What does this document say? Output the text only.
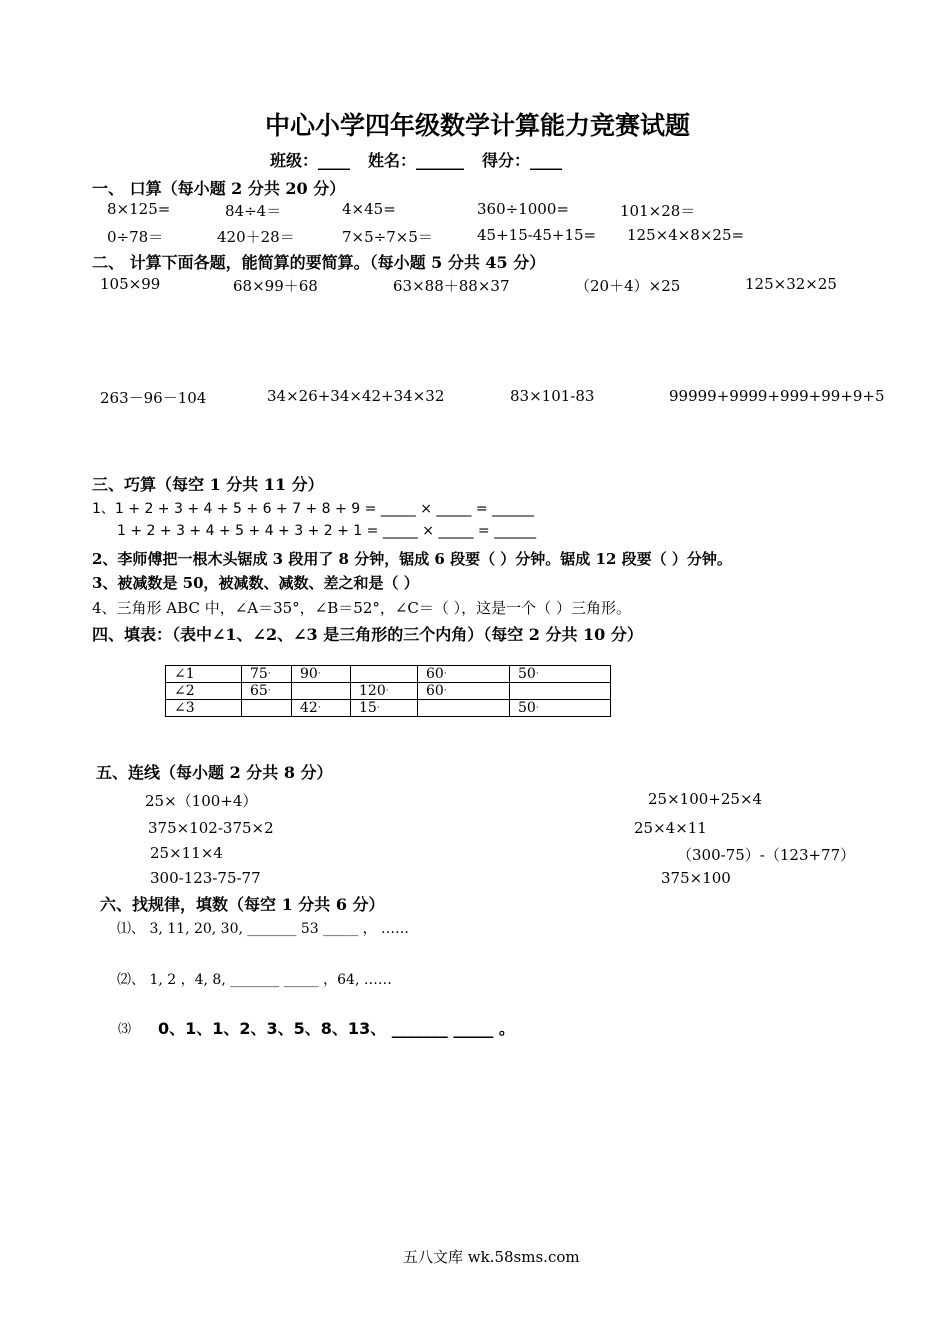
中心小学四年级数学计算能力竞赛试题
班级：____ 姓名：______ 得分：____
一、 口算（每小题 2 分共 20 分）
8×125=	84÷4＝	4×45=	360÷1000=	101×28＝
0÷78＝	420＋28＝	7×5÷7×5＝	45+15-45+15= 125×4×8×25=
二、 计算下面各题，能简算的要简算。（每小题 5 分共 45 分）
105×99	68×99＋68	63×88＋88×37	（20＋4）×25	125×32×25
263－96－104	34×26+34×42+34×32	83×101-83	99999+9999+999+99+9+5
三、巧算（每空 1 分共 11 分）
1、1 + 2 + 3 + 4 + 5 + 6 + 7 + 8 + 9 = _____ × _____ = ______
1 + 2 + 3 + 4 + 5 + 4 + 3 + 2 + 1 = _____ × _____ = ______
2、李师傅把一根木头锯成 3 段用了 8 分钟，锯成 6 段要（ ）分钟。锯成 12 段要（ ）分钟。
3、被减数是 50，被减数、减数、差之和是（ ）
4、三角形 ABC 中，∠A＝35°，∠B＝52°，∠C＝（ ），这是一个（ ）三角形。
四、填表：（表中∠1、∠2、∠3 是三角形的三个内角）（每空 2 分共 10 分）
∠1	75·	90·		60·	50·
∠2	65·		120·	60·	
∠3		42·	15·		50·
五、连线（每小题 2 分共 8 分）
25×（100+4）
375×102-375×2
25×11×4
300-123-75-77
25×100+25×4
25×4×11
（300-75）-（123+77）
375×100
六、找规律，填数（每空 1 分共 6 分）
⑴、 3, 11, 20, 30, _______ 53 _____ ， ……
⑵、 1, 2 ，4, 8, _______ _____ ，64, ……
⑶ 0、1、1、2、3、5、8、13、 _______ _____ 。
五八文库 wk.58sms.com
